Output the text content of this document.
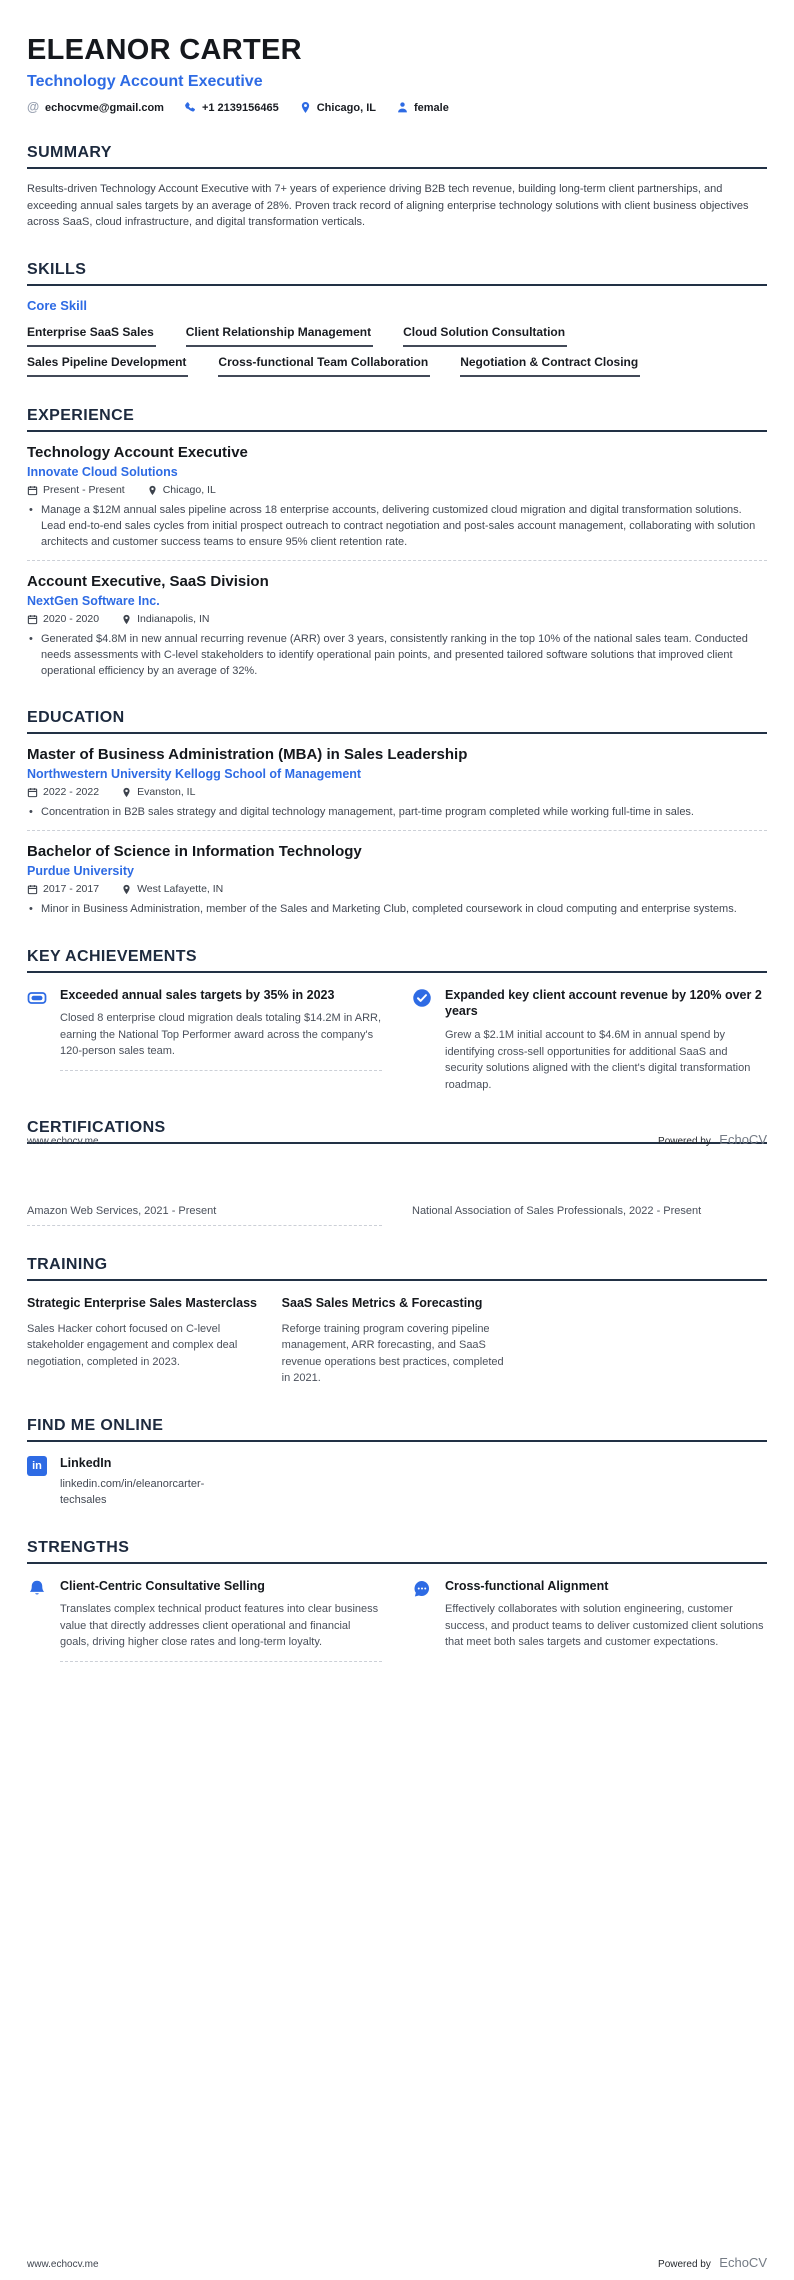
ELEANOR CARTER
Technology Account Executive
@ echocvme@gmail.com	+1 2139156465	Chicago, IL	female
SUMMARY
Results-driven Technology Account Executive with 7+ years of experience driving B2B tech revenue, building long-term client partnerships, and exceeding annual sales targets by an average of 28%. Proven track record of aligning enterprise technology solutions with client business objectives across SaaS, cloud infrastructure, and digital transformation verticals.
SKILLS
Core Skill
Enterprise SaaS Sales	Client Relationship Management	Cloud Solution Consultation
Sales Pipeline Development	Cross-functional Team Collaboration	Negotiation & Contract Closing
EXPERIENCE
Technology Account Executive
Innovate Cloud Solutions
Present - Present	Chicago, IL
• Manage a $12M annual sales pipeline across 18 enterprise accounts, delivering customized cloud migration and digital transformation solutions. Lead end-to-end sales cycles from initial prospect outreach to contract negotiation and post-sales account management, collaborating with solution architects and customer success teams to ensure 95% client retention rate.
Account Executive, SaaS Division
NextGen Software Inc.
2020 - 2020	Indianapolis, IN
• Generated $4.8M in new annual recurring revenue (ARR) over 3 years, consistently ranking in the top 10% of the national sales team. Conducted needs assessments with C-level stakeholders to identify operational pain points, and presented tailored software solutions that improved client operational efficiency by an average of 32%.
EDUCATION
Master of Business Administration (MBA) in Sales Leadership
Northwestern University Kellogg School of Management
2022 - 2022	Evanston, IL
• Concentration in B2B sales strategy and digital technology management, part-time program completed while working full-time in sales.
Bachelor of Science in Information Technology
Purdue University
2017 - 2017	West Lafayette, IN
• Minor in Business Administration, member of the Sales and Marketing Club, completed coursework in cloud computing and enterprise systems.
KEY ACHIEVEMENTS
Exceeded annual sales targets by 35% in 2023
Closed 8 enterprise cloud migration deals totaling $14.2M in ARR, earning the National Top Performer award across the company's 120-person sales team.
Expanded key client account revenue by 120% over 2 years
Grew a $2.1M initial account to $4.6M in annual spend by identifying cross-sell opportunities for additional SaaS and security solutions aligned with the client's digital transformation roadmap.
CERTIFICATIONS
www.echocv.me	Powered by EchoCV
Amazon Web Services, 2021 - Present	National Association of Sales Professionals, 2022 - Present
TRAINING
Strategic Enterprise Sales Masterclass
Sales Hacker cohort focused on C-level stakeholder engagement and complex deal negotiation, completed in 2023.
SaaS Sales Metrics & Forecasting
Reforge training program covering pipeline management, ARR forecasting, and SaaS revenue operations best practices, completed in 2021.
FIND ME ONLINE
in	LinkedIn
linkedin.com/in/eleanorcarter-techsales
STRENGTHS
Client-Centric Consultative Selling
Translates complex technical product features into clear business value that directly addresses client operational and financial goals, driving higher close rates and long-term loyalty.
Cross-functional Alignment
Effectively collaborates with solution engineering, customer success, and product teams to deliver customized client solutions that meet both sales targets and customer expectations.
www.echocv.me	Powered by EchoCV
